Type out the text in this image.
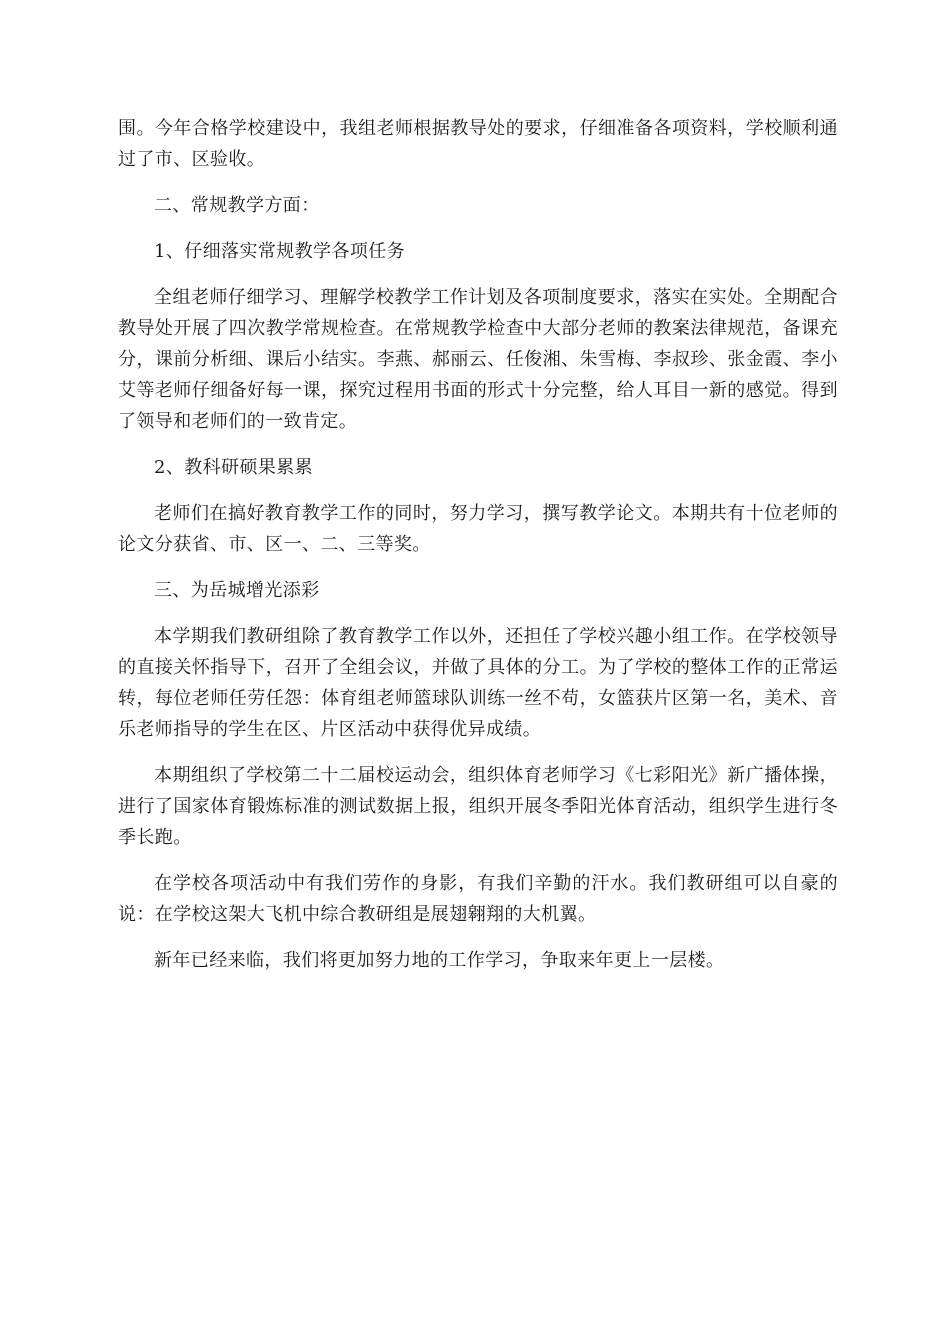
围。今年合格学校建设中，我组老师根据教导处的要求，仔细准备各项资料，学校顺利通过了市、区验收。

二、常规教学方面：

1、仔细落实常规教学各项任务

全组老师仔细学习、理解学校教学工作计划及各项制度要求，落实在实处。全期配合教导处开展了四次教学常规检查。在常规教学检查中大部分老师的教案法律规范，备课充分，课前分析细、课后小结实。李燕、郝丽云、任俊湘、朱雪梅、李叔珍、张金霞、李小艾等老师仔细备好每一课，探究过程用书面的形式十分完整，给人耳目一新的感觉。得到了领导和老师们的一致肯定。

2、教科研硕果累累

老师们在搞好教育教学工作的同时，努力学习，撰写教学论文。本期共有十位老师的论文分获省、市、区一、二、三等奖。

三、为岳城增光添彩

本学期我们教研组除了教育教学工作以外，还担任了学校兴趣小组工作。在学校领导的直接关怀指导下，召开了全组会议，并做了具体的分工。为了学校的整体工作的正常运转，每位老师任劳任怨：体育组老师篮球队训练一丝不苟，女篮获片区第一名，美术、音乐老师指导的学生在区、片区活动中获得优异成绩。

本期组织了学校第二十二届校运动会，组织体育老师学习《七彩阳光》新广播体操，进行了国家体育锻炼标准的测试数据上报，组织开展冬季阳光体育活动，组织学生进行冬季长跑。

在学校各项活动中有我们劳作的身影，有我们辛勤的汗水。我们教研组可以自豪的说：在学校这架大飞机中综合教研组是展翅翱翔的大机翼。

新年已经来临，我们将更加努力地的工作学习，争取来年更上一层楼。
